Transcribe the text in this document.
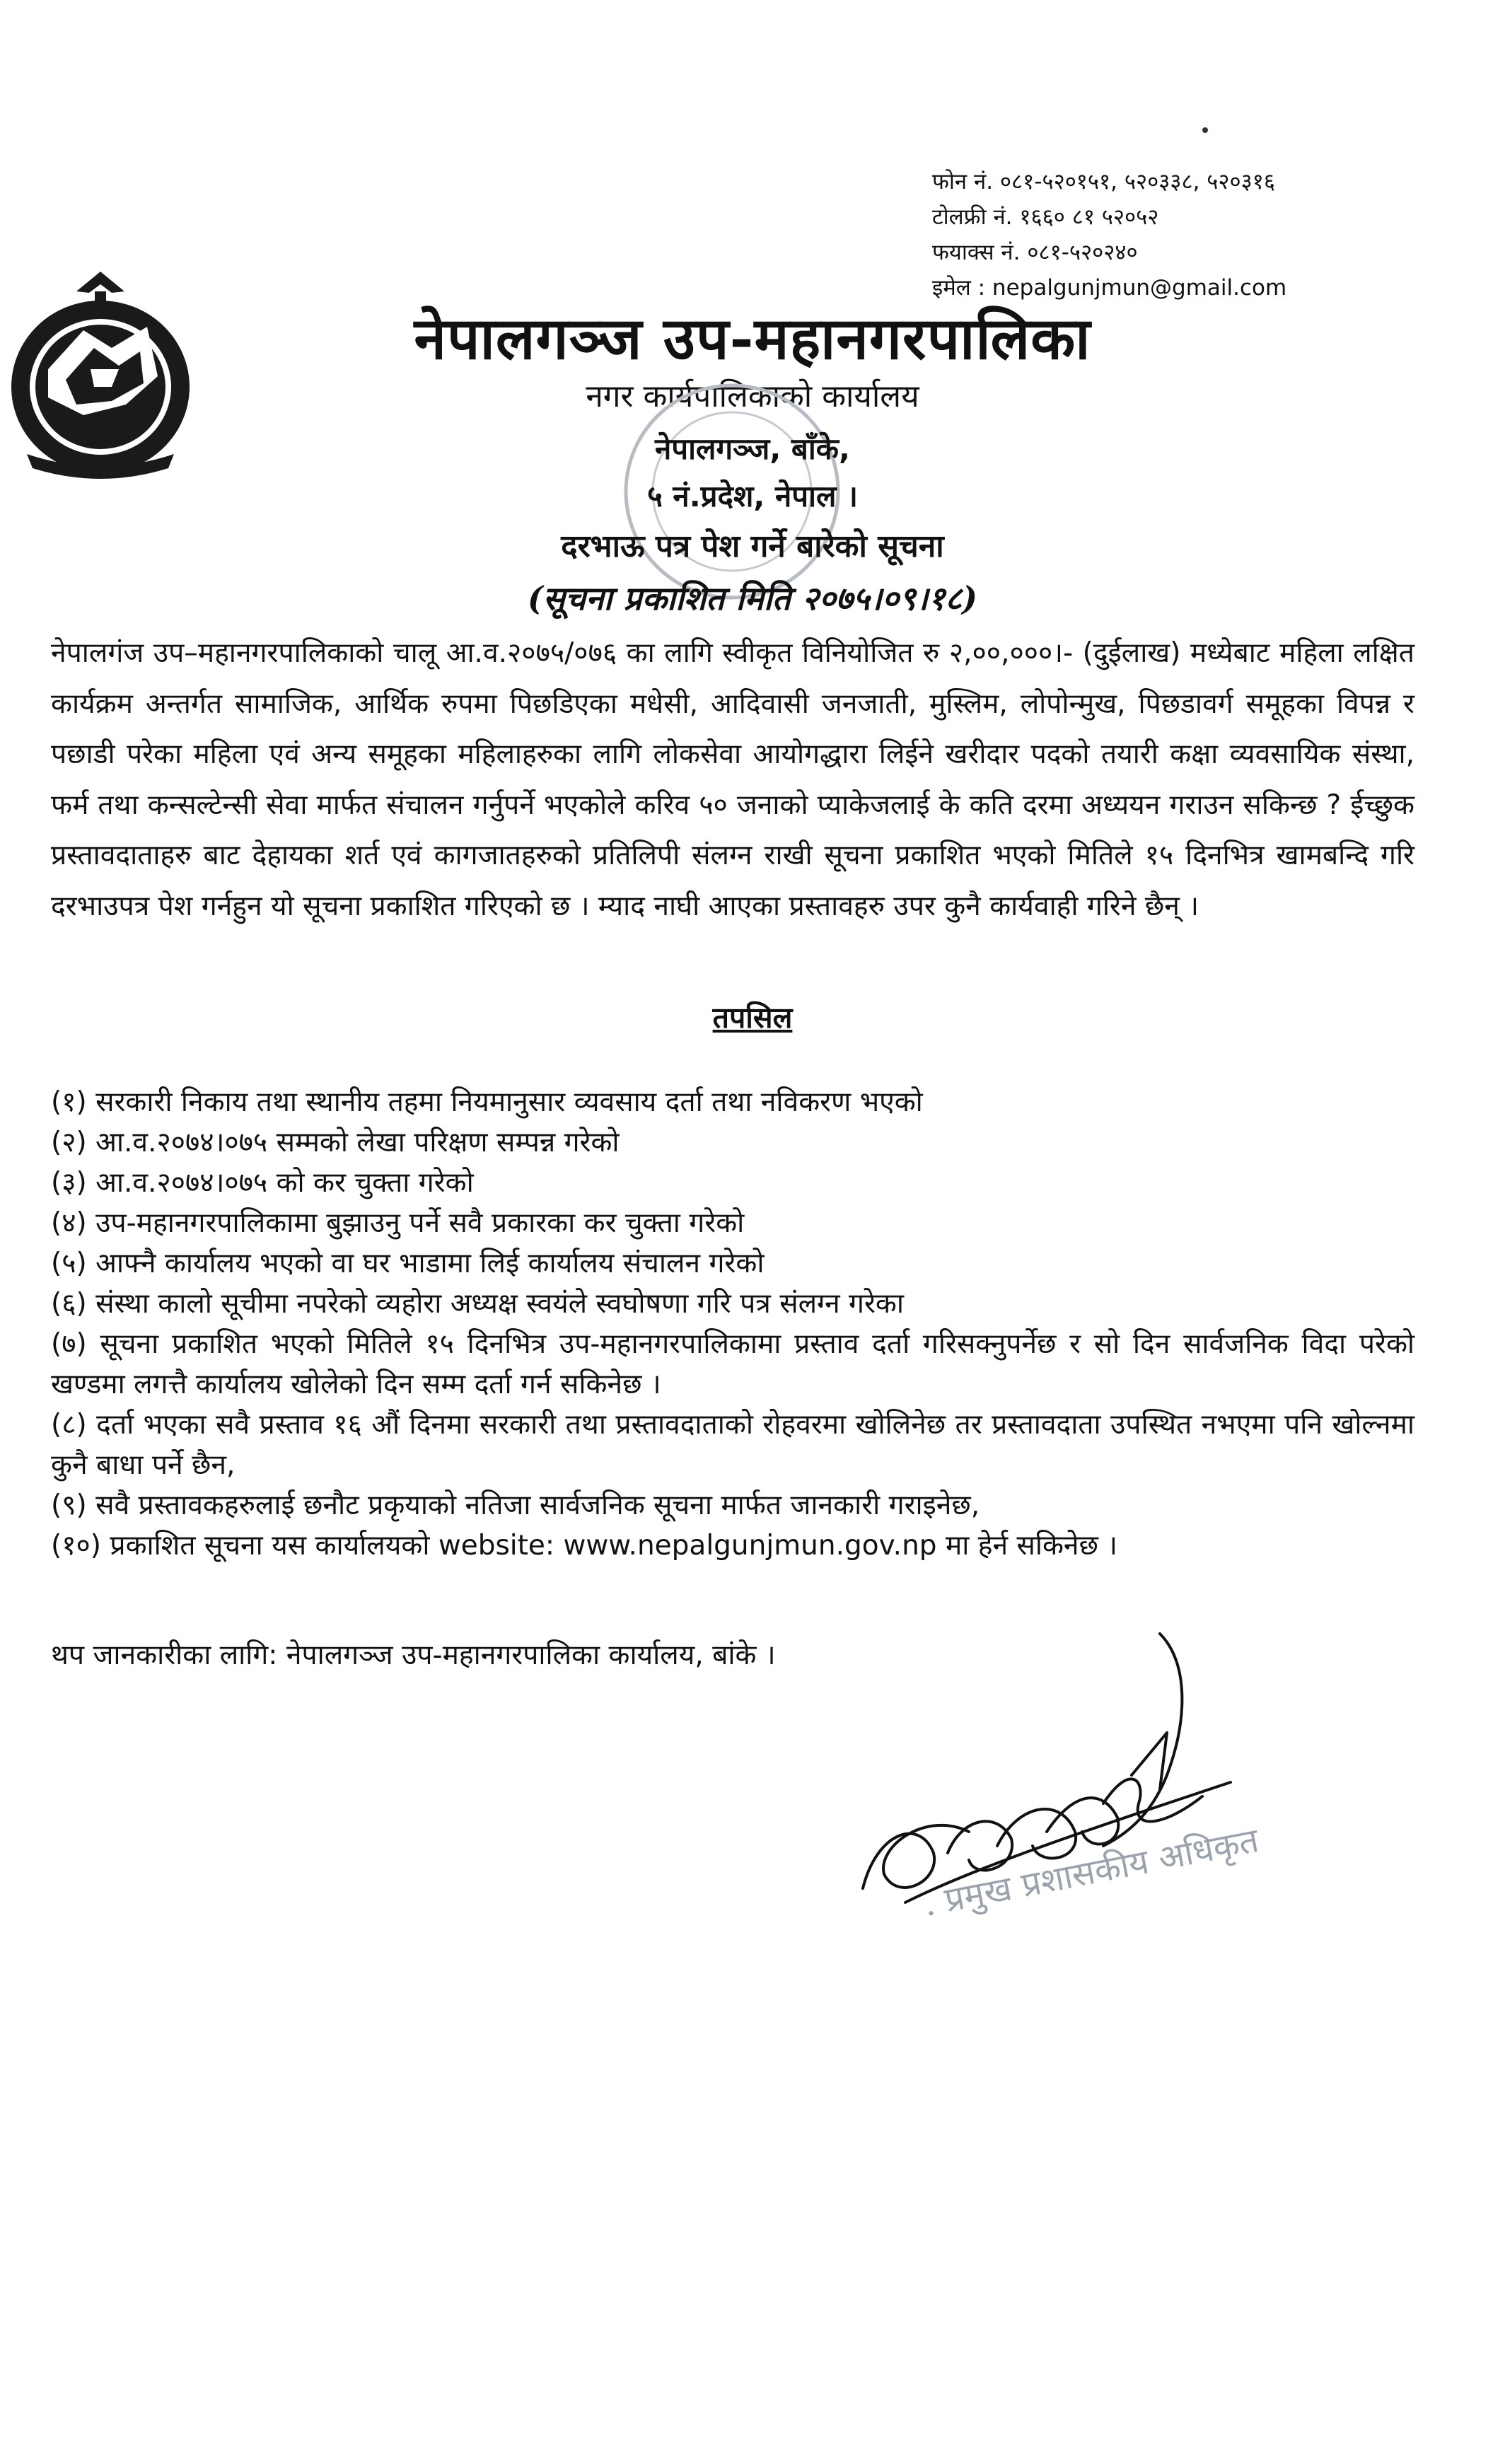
फोन नं. ०८१-५२०१५१, ५२०३३८, ५२०३१६
टोलफ्री नं. १६६० ८१ ५२०५२
फयाक्स नं. ०८१-५२०२४०
इमेल : nepalgunjmun@gmail.com
नेपालगञ्ज उप-महानगरपालिका
नगर कार्यपालिकाको कार्यालय
नेपालगञ्ज, बाँके,
५ नं.प्रदेश, नेपाल ।
दरभाऊ पत्र पेश गर्ने बारेको सूचना
(सूचना प्रकाशित मिति २०७५।०९।१८)
नेपालगंज उप–महानगरपालिकाको चालू आ.व.२०७५/०७६ का लागि स्वीकृत विनियोजित रु २,००,०००।- (दुईलाख) मध्येबाट महिला लक्षित कार्यक्रम अन्तर्गत सामाजिक, आर्थिक रुपमा पिछडिएका मधेसी, आदिवासी जनजाती, मुस्लिम, लोपोन्मुख, पिछडावर्ग समूहका विपन्न र पछाडी परेका महिला एवं अन्य समूहका महिलाहरुका लागि लोकसेवा आयोगद्धारा लिईने खरीदार पदको तयारी कक्षा व्यवसायिक संस्था, फर्म तथा कन्सल्टेन्सी सेवा मार्फत संचालन गर्नुपर्ने भएकोले करिव ५० जनाको प्याकेजलाई के कति दरमा अध्ययन गराउन सकिन्छ ? ईच्छुक प्रस्तावदाताहरु बाट देहायका शर्त एवं कागजातहरुको प्रतिलिपी संलग्न राखी सूचना प्रकाशित भएको मितिले १५ दिनभित्र खामबन्दि गरि दरभाउपत्र पेश गर्नहुन यो सूचना प्रकाशित गरिएको छ । म्याद नाघी आएका प्रस्तावहरु उपर कुनै कार्यवाही गरिने छैन् ।
तपसिल
(१) सरकारी निकाय तथा स्थानीय तहमा नियमानुसार व्यवसाय दर्ता तथा नविकरण भएको
(२) आ.व.२०७४।०७५ सम्मको लेखा परिक्षण सम्पन्न गरेको
(३) आ.व.२०७४।०७५ को कर चुक्ता गरेको
(४) उप-महानगरपालिकामा बुझाउनु पर्ने सवै प्रकारका कर चुक्ता गरेको
(५) आफ्नै कार्यालय भएको वा घर भाडामा लिई कार्यालय संचालन गरेको
(६) संस्था कालो सूचीमा नपरेको व्यहोरा अध्यक्ष स्वयंले स्वघोषणा गरि पत्र संलग्न गरेका
(७) सूचना प्रकाशित भएको मितिले १५ दिनभित्र उप-महानगरपालिकामा प्रस्ताव दर्ता गरिसक्नुपर्नेछ र सो दिन सार्वजनिक विदा परेको खण्डमा लगत्तै कार्यालय खोलेको दिन सम्म दर्ता गर्न सकिनेछ ।
(८) दर्ता भएका सवै प्रस्ताव १६ औं दिनमा सरकारी तथा प्रस्तावदाताको रोहवरमा खोलिनेछ तर प्रस्तावदाता उपस्थित नभएमा पनि खोल्नमा कुनै बाधा पर्ने छैन,
(९) सवै प्रस्तावकहरुलाई छनौट प्रकृयाको नतिजा सार्वजनिक सूचना मार्फत जानकारी गराइनेछ,
(१०) प्रकाशित सूचना यस कार्यालयको website: www.nepalgunjmun.gov.np मा हेर्न सकिनेछ ।
थप जानकारीका लागि: नेपालगञ्ज उप-महानगरपालिका कार्यालय, बांके ।
. प्रमुख प्रशासकीय अधिकृत
